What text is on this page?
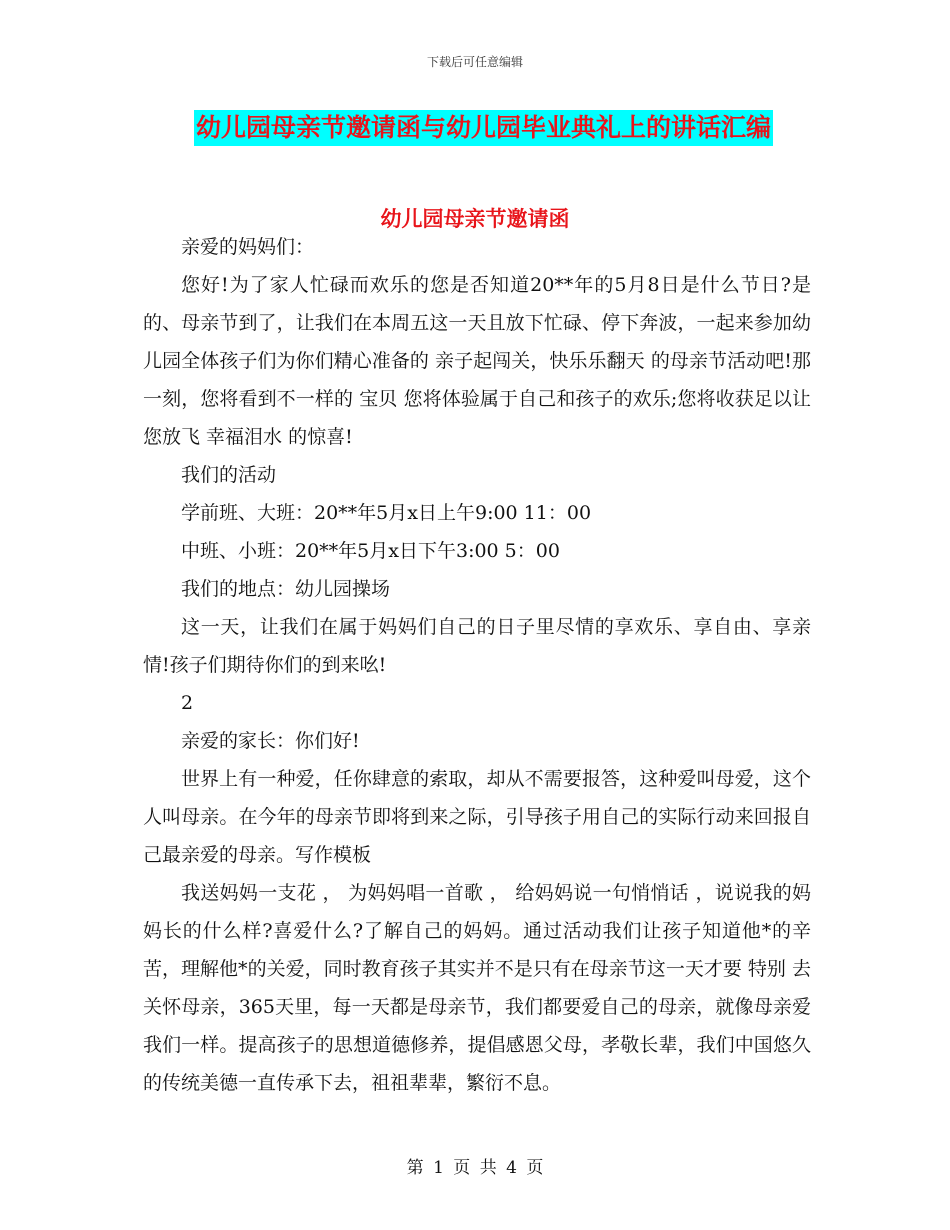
下载后可任意编辑
幼儿园母亲节邀请函与幼儿园毕业典礼上的讲话汇编
幼儿园母亲节邀请函

亲爱的妈妈们：

您好!为了家人忙碌而欢乐的您是否知道20**年的5月8日是什么节日?是的、母亲节到了，让我们在本周五这一天且放下忙碌、停下奔波，一起来参加幼儿园全体孩子们为你们精心准备的 亲子起闯关，快乐乐翻天 的母亲节活动吧!那一刻，您将看到不一样的 宝贝 您将体验属于自己和孩子的欢乐;您将收获足以让您放飞 幸福泪水 的惊喜!

我们的活动

学前班、大班：20**年5月x日上午9:00 11：00

中班、小班：20**年5月x日下午3:00 5：00

我们的地点：幼儿园操场

这一天，让我们在属于妈妈们自己的日子里尽情的享欢乐、享自由、享亲情!孩子们期待你们的到来吆!

2

亲爱的家长：你们好!

世界上有一种爱，任你肆意的索取，却从不需要报答，这种爱叫母爱，这个人叫母亲。在今年的母亲节即将到来之际，引导孩子用自己的实际行动来回报自己最亲爱的母亲。写作模板

我送妈妈一支花 ， 为妈妈唱一首歌 ， 给妈妈说一句悄悄话 ，说说我的妈妈长的什么样?喜爱什么?了解自己的妈妈。通过活动我们让孩子知道他*的辛苦，理解他*的关爱，同时教育孩子其实并不是只有在母亲节这一天才要 特别 去关怀母亲，365天里，每一天都是母亲节，我们都要爱自己的母亲，就像母亲爱我们一样。提高孩子的思想道德修养，提倡感恩父母，孝敬长辈，我们中国悠久的传统美德一直传承下去，祖祖辈辈，繁衍不息。

第 1 页 共 4 页
